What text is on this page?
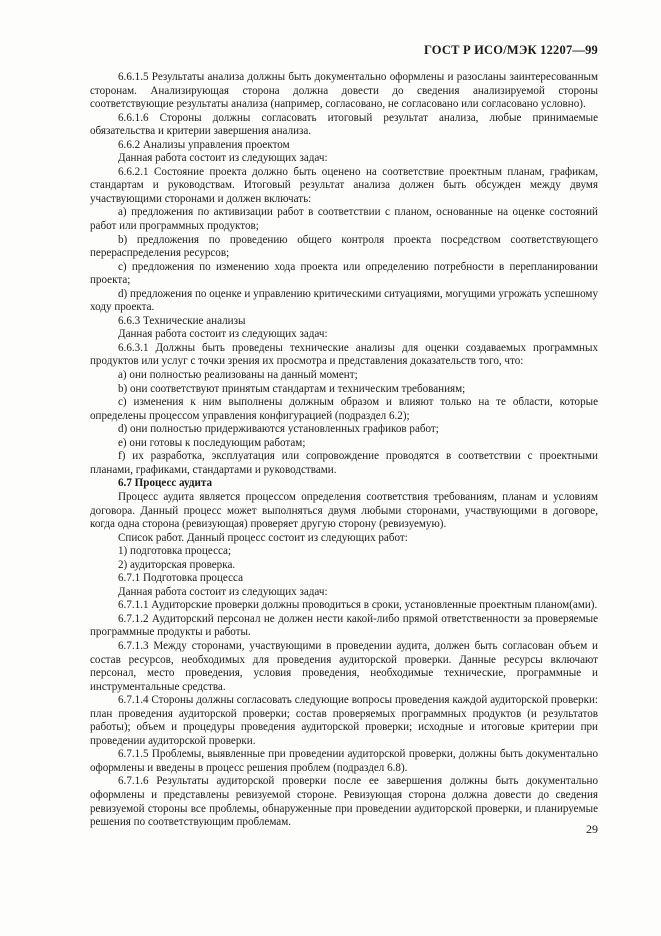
ГОСТ Р ИСО/МЭК 12207—99

6.6.1.5 Результаты анализа должны быть документально оформлены и разосланы заинтересованным сторонам. Анализирующая сторона должна довести до сведения анализируемой стороны соответствующие результаты анализа (например, согласовано, не согласовано или согласовано условно).

6.6.1.6 Стороны должны согласовать итоговый результат анализа, любые принимаемые обязательства и критерии завершения анализа.

6.6.2 Анализы управления проектом

Данная работа состоит из следующих задач:

6.6.2.1 Состояние проекта должно быть оценено на соответствие проектным планам, графикам, стандартам и руководствам. Итоговый результат анализа должен быть обсужден между двумя участвующими сторонами и должен включать:

а) предложения по активизации работ в соответствии с планом, основанные на оценке состояний работ или программных продуктов;

b) предложения по проведению общего контроля проекта посредством соответствующего перераспределения ресурсов;

с) предложения по изменению хода проекта или определению потребности в перепланировании проекта;

d) предложения по оценке и управлению критическими ситуациями, могущими угрожать успешному ходу проекта.

6.6.3 Технические анализы

Данная работа состоит из следующих задач:

6.6.3.1 Должны быть проведены технические анализы для оценки создаваемых программных продуктов или услуг с точки зрения их просмотра и представления доказательств того, что:

а) они полностью реализованы на данный момент;

b) они соответствуют принятым стандартам и техническим требованиям;

с) изменения к ним выполнены должным образом и влияют только на те области, которые определены процессом управления конфигурацией (подраздел 6.2);

d) они полностью придерживаются установленных графиков работ;

е) они готовы к последующим работам;

f) их разработка, эксплуатация или сопровождение проводятся в соответствии с проектными планами, графиками, стандартами и руководствами.

6.7 Процесс аудита

Процесс аудита является процессом определения соответствия требованиям, планам и условиям договора. Данный процесс может выполняться двумя любыми сторонами, участвующими в договоре, когда одна сторона (ревизующая) проверяет другую сторону (ревизуемую).

Список работ. Данный процесс состоит из следующих работ:

1) подготовка процесса;

2) аудиторская проверка.

6.7.1 Подготовка процесса

Данная работа состоит из следующих задач:

6.7.1.1 Аудиторские проверки должны проводиться в сроки, установленные проектным планом(ами).

6.7.1.2 Аудиторский персонал не должен нести какой-либо прямой ответственности за проверяемые программные продукты и работы.

6.7.1.3 Между сторонами, участвующими в проведении аудита, должен быть согласован объем и состав ресурсов, необходимых для проведения аудиторской проверки. Данные ресурсы включают персонал, место проведения, условия проведения, необходимые технические, программные и инструментальные средства.

6.7.1.4 Стороны должны согласовать следующие вопросы проведения каждой аудиторской проверки: план проведения аудиторской проверки; состав проверяемых программных продуктов (и результатов работы); объем и процедуры проведения аудиторской проверки; исходные и итоговые критерии при проведении аудиторской проверки.

6.7.1.5 Проблемы, выявленные при проведении аудиторской проверки, должны быть документально оформлены и введены в процесс решения проблем (подраздел 6.8).

6.7.1.6 Результаты аудиторской проверки после ее завершения должны быть документально оформлены и представлены ревизуемой стороне. Ревизующая сторона должна довести до сведения ревизуемой стороны все проблемы, обнаруженные при проведении аудиторской проверки, и планируемые решения по соответствующим проблемам.	29
